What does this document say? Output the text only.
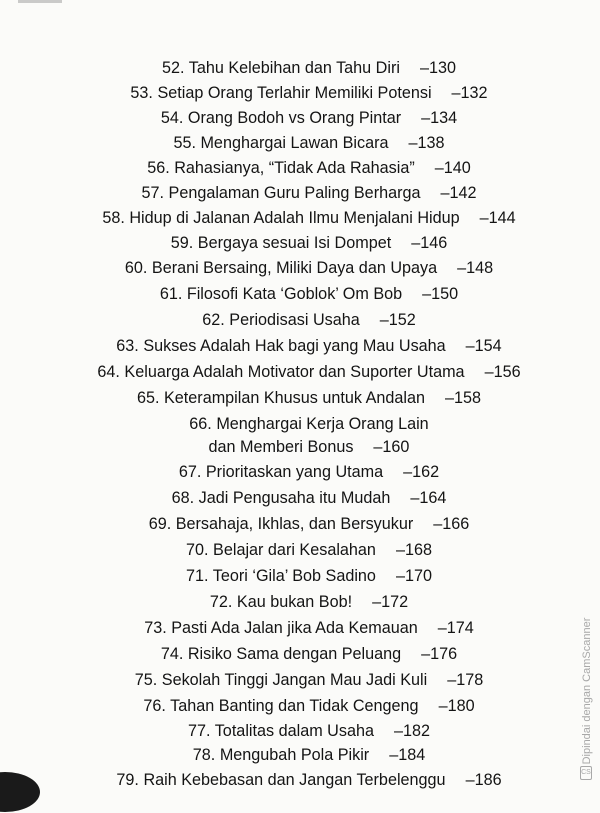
52. Tahu Kelebihan dan Tahu Diri –130

53. Setiap Orang Terlahir Memiliki Potensi –132

54. Orang Bodoh vs Orang Pintar –134

55. Menghargai Lawan Bicara –138

56. Rahasianya, “Tidak Ada Rahasia” –140

57. Pengalaman Guru Paling Berharga –142

58. Hidup di Jalanan Adalah Ilmu Menjalani Hidup –144

59. Bergaya sesuai Isi Dompet –146

60. Berani Bersaing, Miliki Daya dan Upaya –148

61. Filosofi Kata ‘Goblok’ Om Bob –150

62. Periodisasi Usaha –152

63. Sukses Adalah Hak bagi yang Mau Usaha –154

64. Keluarga Adalah Motivator dan Suporter Utama –156

65. Keterampilan Khusus untuk Andalan –158

66. Menghargai Kerja Orang Lain

dan Memberi Bonus –160

67. Prioritaskan yang Utama –162

68. Jadi Pengusaha itu Mudah –164

69. Bersahaja, Ikhlas, dan Bersyukur –166

70. Belajar dari Kesalahan –168

71. Teori ‘Gila’ Bob Sadino –170

72. Kau bukan Bob! –172

73. Pasti Ada Jalan jika Ada Kemauan –174

74. Risiko Sama dengan Peluang –176

75. Sekolah Tinggi Jangan Mau Jadi Kuli –178

76. Tahan Banting dan Tidak Cengeng –180

77. Totalitas dalam Usaha –182

78. Mengubah Pola Pikir –184

79. Raih Kebebasan dan Jangan Terbelenggu –186

Dipindai dengan CamScanner
CS
